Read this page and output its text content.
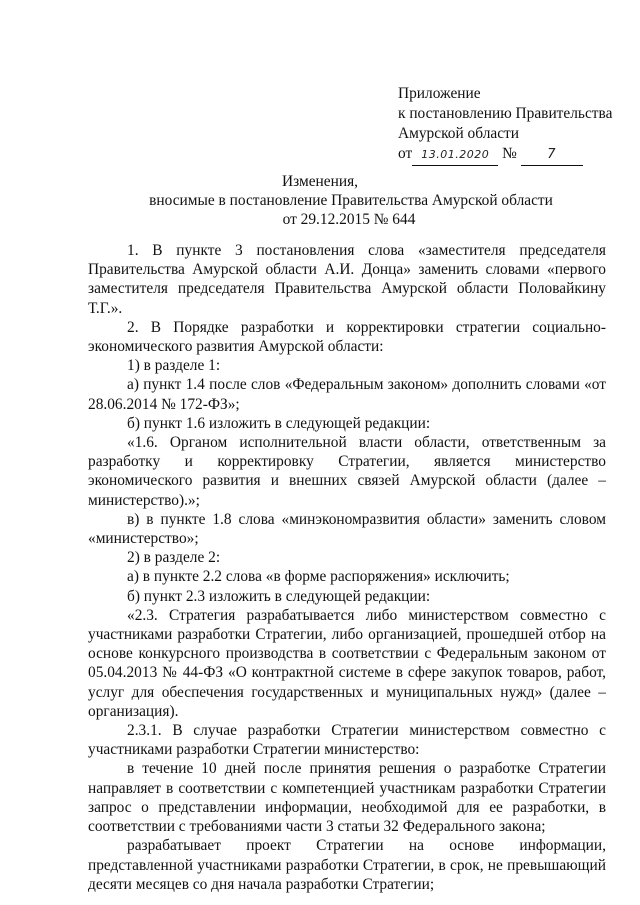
Приложение
к постановлению Правительства
Амурской области
от 13.01.2020 № 7
Изменения,
вносимые в постановление Правительства Амурской области
от 29.12.2015 № 644

1. В пункте 3 постановления слова «заместителя председателя Правительства Амурской области А.И. Донца» заменить словами «первого заместителя председателя Правительства Амурской области Половайкину Т.Г.».

2. В Порядке разработки и корректировки стратегии социально-экономического развития Амурской области:

1) в разделе 1:

а) пункт 1.4 после слов «Федеральным законом» дополнить словами «от 28.06.2014 № 172-ФЗ»;

б) пункт 1.6 изложить в следующей редакции:

«1.6. Органом исполнительной власти области, ответственным за разработку и корректировку Стратегии, является министерство экономического развития и внешних связей Амурской области (далее – министерство).»;

в) в пункте 1.8 слова «минэкономразвития области» заменить словом «министерство»;

2) в разделе 2:

а) в пункте 2.2 слова «в форме распоряжения» исключить;

б) пункт 2.3 изложить в следующей редакции:

«2.3. Стратегия разрабатывается либо министерством совместно с участниками разработки Стратегии, либо организацией, прошедшей отбор на основе конкурсного производства в соответствии с Федеральным законом от 05.04.2013 № 44-ФЗ «О контрактной системе в сфере закупок товаров, работ, услуг для обеспечения государственных и муниципальных нужд» (далее – организация).

2.3.1. В случае разработки Стратегии министерством совместно с участниками разработки Стратегии министерство:

в течение 10 дней после принятия решения о разработке Стратегии направляет в соответствии с компетенцией участникам разработки Стратегии запрос о представлении информации, необходимой для ее разработки, в соответствии с требованиями части 3 статьи 32 Федерального закона;

разрабатывает проект Стратегии на основе информации, представленной участниками разработки Стратегии, в срок, не превышающий десяти месяцев со дня начала разработки Стратегии;
